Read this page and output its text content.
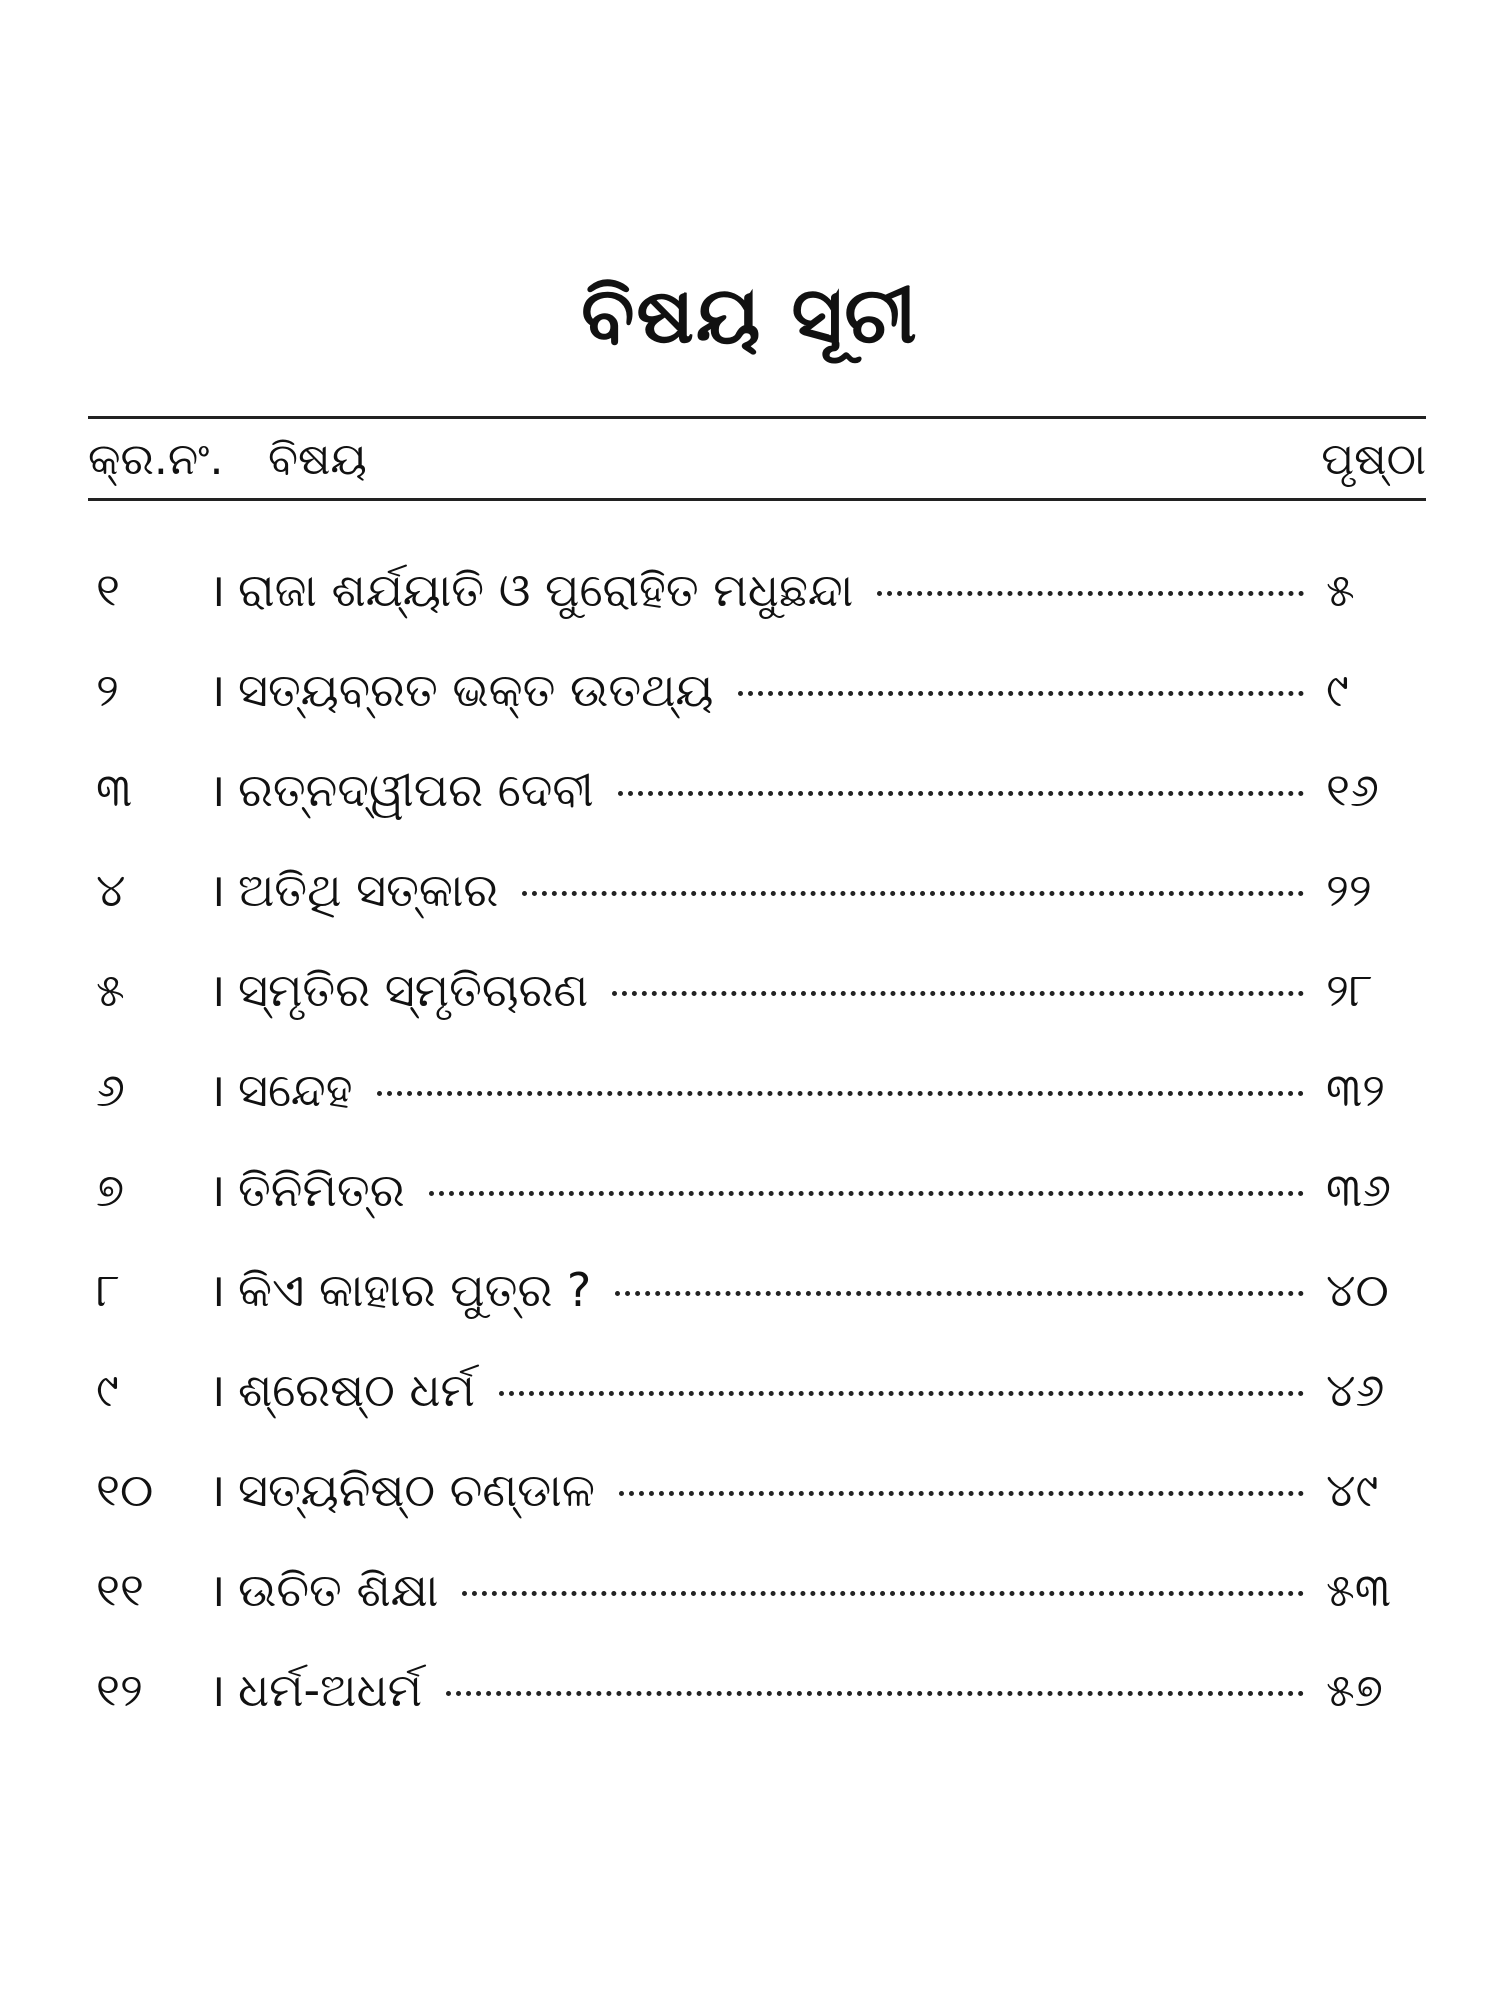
ବିଷୟ ସୂଚୀ
କ୍ର.ନଂ. ବିଷୟ	ପୃଷ୍ଠା
୧	। ରାଜା ଶର୍ଯ୍ୟାତି ଓ ପୁରୋହିତ ମଧୁଛନ୍ଦା	୫
୨	। ସତ୍ୟବ୍ରତ ଭକ୍ତ ଉତଥ୍ୟ	୯
୩	। ରତ୍ନଦ୍ୱୀପର ଦେବୀ	୧୬
୪	। ଅତିଥି ସତ୍କାର	୨୨
୫	। ସ୍ମୃତିର ସ୍ମୃତିଚାରଣ	୨୮
୬	। ସନ୍ଦେହ	୩୨
୭	। ତିନିମିତ୍ର	୩୬
୮	। କିଏ କାହାର ପୁତ୍ର ?	୪୦
୯	। ଶ୍ରେଷ୍ଠ ଧର୍ମ	୪୬
୧୦	। ସତ୍ୟନିଷ୍ଠ ଚଣ୍ଡାଳ	୪୯
୧୧	। ଉଚିତ ଶିକ୍ଷା	୫୩
୧୨	। ଧର୍ମ-ଅଧର୍ମ	୫୭
